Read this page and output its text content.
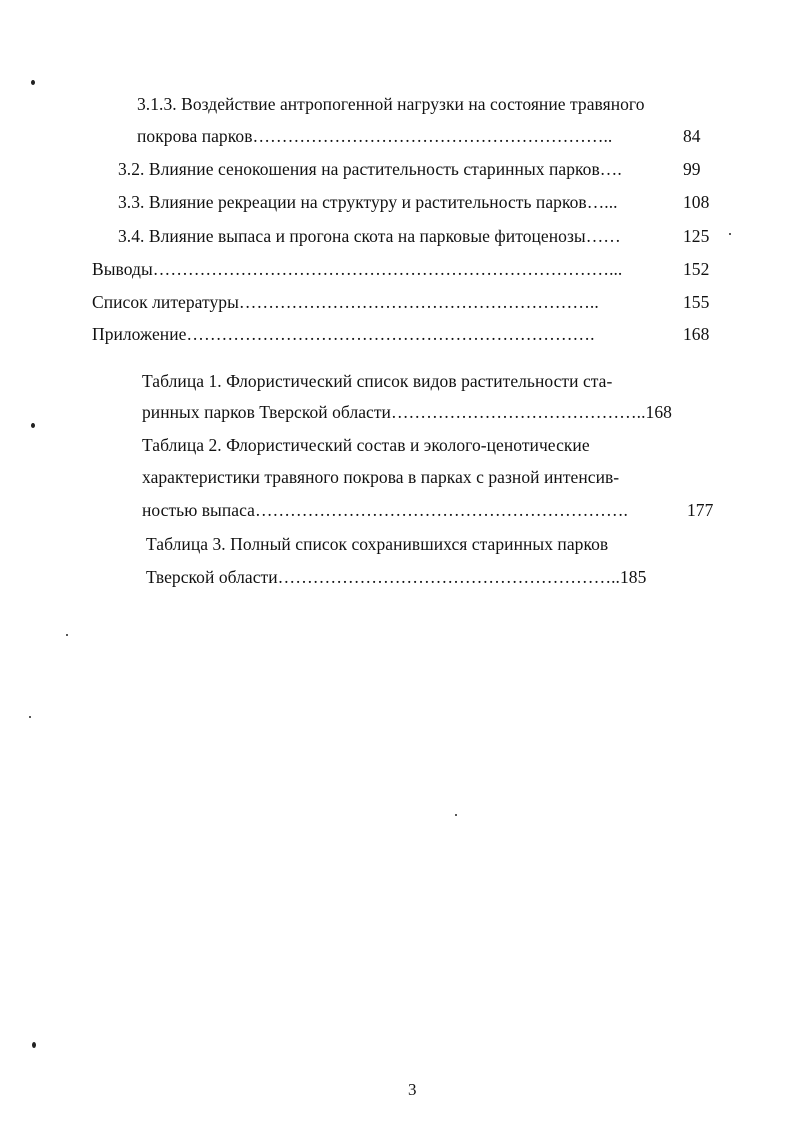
3.1.3. Воздействие антропогенной нагрузки на состояние травяного
покрова парков……………………………………………………..	84
3.2. Влияние сенокошения на растительность старинных парков….	99
3.3. Влияние рекреации на структуру и растительность парков…...	108
3.4. Влияние выпаса и прогона скота на парковые фитоценозы……	125
Выводы……………………………………………………………………...	152
Список литературы……………………………………………………..	155
Приложение…………………………………………………………….	168
Таблица 1. Флористический список видов растительности ста-
ринных парков Тверской области……………………………………..168
Таблица 2. Флористический состав и эколого-ценотические
характеристики травяного покрова в парках с разной интенсив-
ностью выпаса……………………………………………………….	177
Таблица 3. Полный список сохранившихся старинных парков
Тверской области…………………………………………………..185
3
